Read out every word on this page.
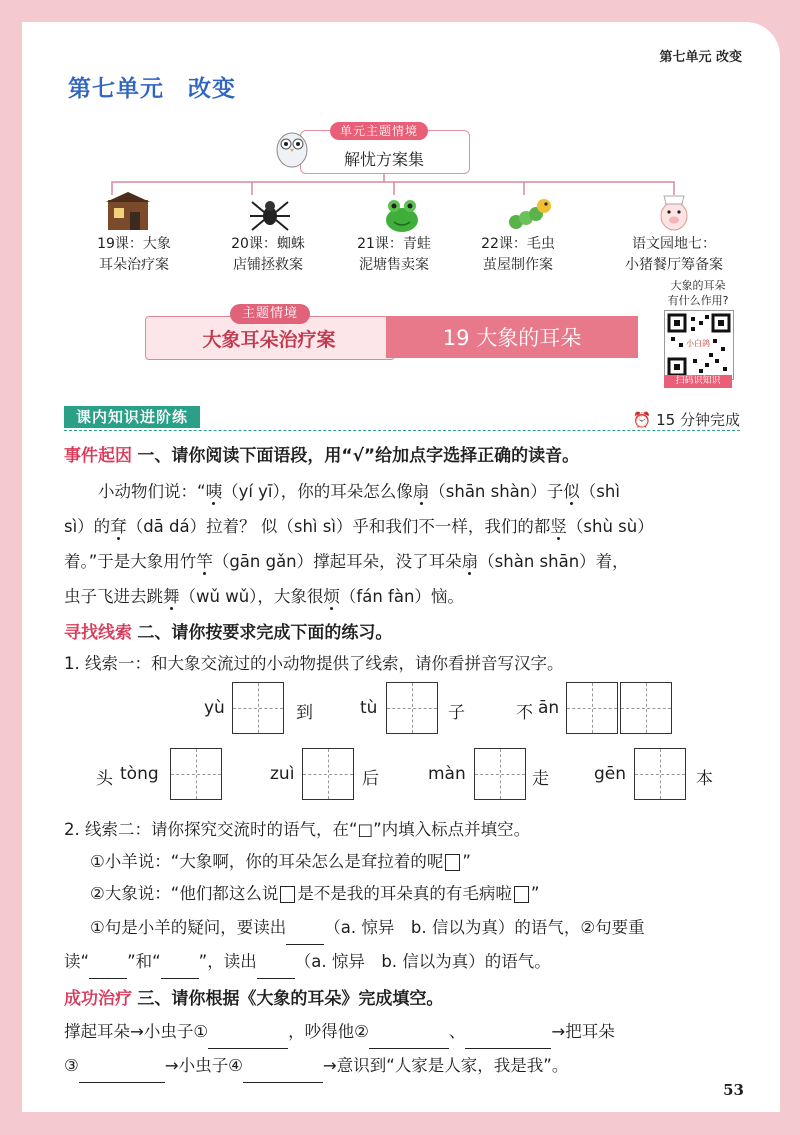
第七单元 改变
第七单元　改变
单元主题情境
解忧方案集
19课：大象
耳朵治疗案
20课：蜘蛛
店铺拯救案
21课：青蛙
泥塘售卖案
22课：毛虫
茧屋制作案
语文园地七：
小猪餐厅筹备案
主题情境
大象耳朵治疗案	19 大象的耳朵
大象的耳朵
有什么作用?
小白鸽
扫码识知识
课内知识进阶练	⏰ 15 分钟完成
事件起因 一、请你阅读下面语段，用“√”给加点字选择正确的读音。
小动物们说：“咦（yí yī），你的耳朵怎么像扇（shān shàn）子似（shì
sì）的耷（dā dá）拉着？ 似（shì sì）乎和我们不一样，我们的都竖（shù sù）
着。”于是大象用竹竿（gān gǎn）撑起耳朵，没了耳朵扇（shàn shān）着，
虫子飞进去跳舞（wǔ wǔ），大象很烦（fán fàn）恼。
寻找线索 二、请你按要求完成下面的练习。
1. 线索一：和大象交流过的小动物提供了线索，请你看拼音写汉字。
yù	到	tù	子	不 ān
头 tòng	zuì	后	màn	走	gēn	本
2. 线索二：请你探究交流时的语气，在“□”内填入标点并填空。
①小羊说：“大象啊，你的耳朵怎么是耷拉着的呢 ”
②大象说：“他们都这么说 是不是我的耳朵真的有毛病啦 ”
①句是小羊的疑问，要读出 （a. 惊异　b. 信以为真）的语气，②句要重
读“ ”和“ ”，读出 （a. 惊异　b. 信以为真）的语气。
成功治疗 三、请你根据《大象的耳朵》完成填空。
撑起耳朵→小虫子①	，吵得他②	、	→把耳朵
③	→小虫子④	→意识到“人家是人家，我是我”。
53
